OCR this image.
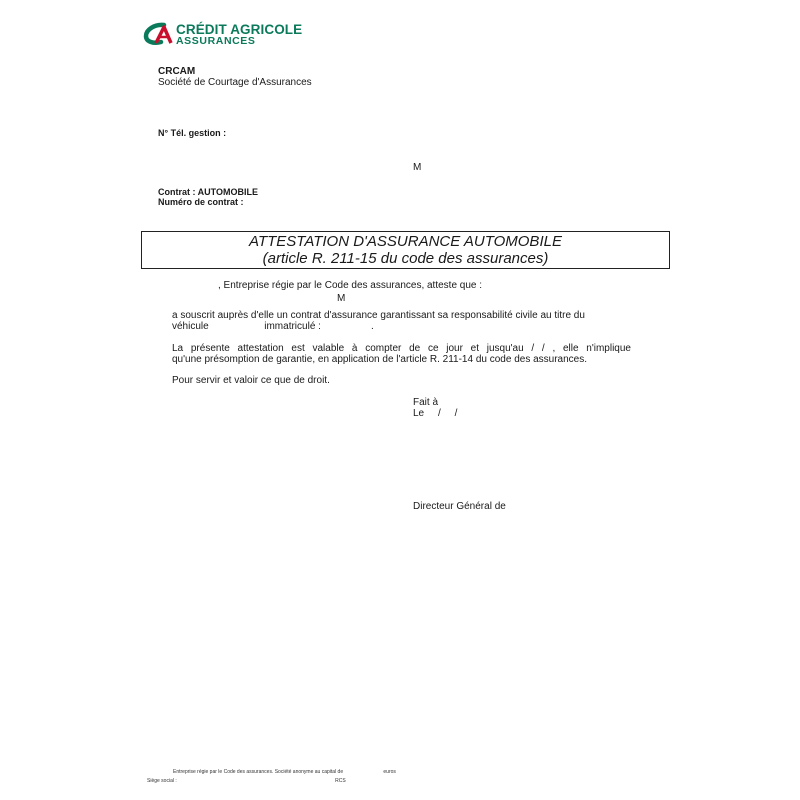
CRÉDIT AGRICOLE
ASSURANCES
CRCAM
Société de Courtage d'Assurances
N° Tél. gestion :
M
Contrat : AUTOMOBILE
Numéro de contrat :
ATTESTATION D'ASSURANCE AUTOMOBILE
(article R. 211-15 du code des assurances)
, Entreprise régie par le Code des assurances, atteste que :
M
a souscrit auprès d'elle un contrat d'assurance garantissant sa responsabilité civile au titre du
véhicule                    immatriculé :                  .
La présente attestation est valable à compter de ce jour et jusqu'au / / , elle n'implique
qu'une présomption de garantie, en application de l'article R. 211-14 du code des assurances.
Pour servir et valoir ce que de droit.
Fait à
Le     /     /
Directeur Général de
Entreprise régie par le Code des assurances. Société anonyme au capital de                             euros
Siège social :                                                                                                                  RCS
